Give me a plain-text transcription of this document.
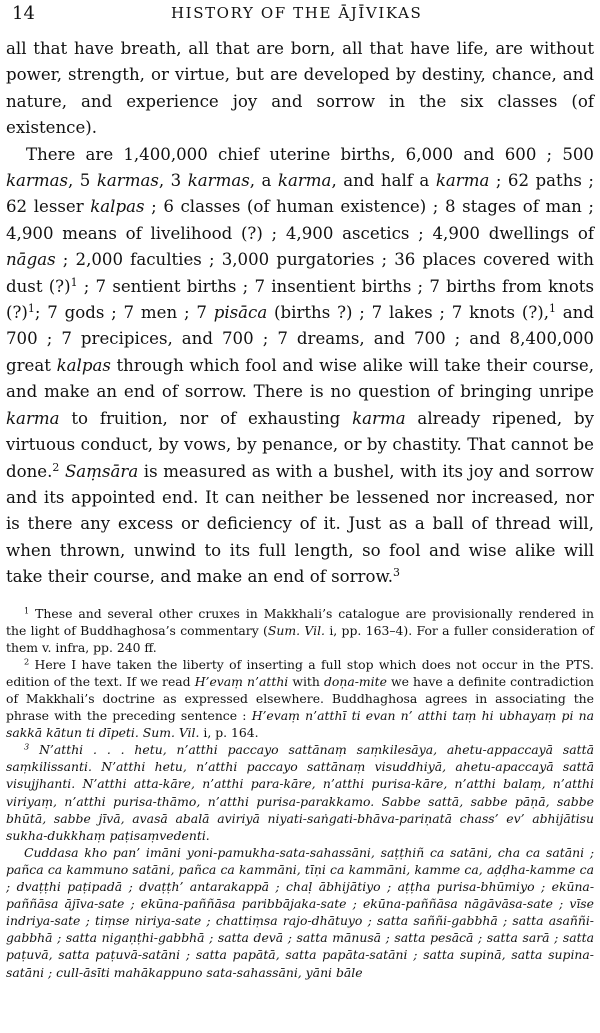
14	HISTORY OF THE ĀJĪVIKAS

all that have breath, all that are born, all that have life, are without power, strength, or virtue, but are developed by destiny, chance, and nature, and experience joy and sorrow in the six classes (of existence).

There are 1,400,000 chief uterine births, 6,000 and 600 ; 500 karmas, 5 karmas, 3 karmas, a karma, and half a karma ; 62 paths ; 62 lesser kalpas ; 6 classes (of human existence) ; 8 stages of man ; 4,900 means of livelihood (?) ; 4,900 ascetics ; 4,900 dwellings of nāgas ; 2,000 faculties ; 3,000 purgatories ; 36 places covered with dust (?)$^1$ ; 7 sentient births ; 7 insentient births ; 7 births from knots (?)$^1$; 7 gods ; 7 men ; 7 pisāca (births ?) ; 7 lakes ; 7 knots (?),$^1$ and 700 ; 7 precipices, and 700 ; 7 dreams, and 700 ; and 8,400,000 great kalpas through which fool and wise alike will take their course, and make an end of sorrow. There is no question of bringing unripe karma to fruition, nor of exhausting karma already ripened, by virtuous conduct, by vows, by penance, or by chastity. That cannot be done.$^2$ Saṃsāra is measured as with a bushel, with its joy and sorrow and its appointed end. It can neither be lessened nor increased, nor is there any excess or deficiency of it. Just as a ball of thread will, when thrown, unwind to its full length, so fool and wise alike will take their course, and make an end of sorrow.$^3$

$^1$ These and several other cruxes in Makkhali’s catalogue are provisionally rendered in the light of Buddhaghosa’s commentary (Sum. Vil. i, pp. 163–4). For a fuller consideration of them v. infra, pp. 240 ff.

$^2$ Here I have taken the liberty of inserting a full stop which does not occur in the PTS. edition of the text. If we read H’evaṃ n’atthi with doṇa-mite we have a definite contradiction of Makkhali’s doctrine as expressed elsewhere. Buddhaghosa agrees in associating the phrase with the preceding sentence : H’evaṃ n’atthī ti evan n’ atthi taṃ hi ubhayaṃ pi na sakkā kātun ti dīpeti. Sum. Vil. i, p. 164.

$^3$ N’atthi . . . hetu, n’atthi paccayo sattānaṃ saṃkilesāya, ahetu-appaccayā sattā saṃkilissanti. N’atthi hetu, n’atthi paccayo sattānaṃ visuddhiyā, ahetu-apaccayā sattā visujjhanti. N’atthi atta-kāre, n’atthi para-kāre, n’atthi purisa-kāre, n’atthi balaṃ, n’atthi viriyaṃ, n’atthi purisa-thāmo, n’atthi purisa-parakkamo. Sabbe sattā, sabbe pāṇā, sabbe bhūtā, sabbe jīvā, avasā abalā aviriyā niyati-saṅgati-bhāva-pariṇatā chass’ ev’ abhijātisu sukha-dukkhaṃ paṭisaṃvedenti.

Cuddasa kho pan’ imāni yoni-pamukha-sata-sahassāni, saṭṭhiñ ca satāni, cha ca satāni ; pañca ca kammuno satāni, pañca ca kammāni, tīṇi ca kammāni, kamme ca, aḍḍha-kamme ca ; dvaṭṭhi paṭipadā ; dvaṭṭh’ antarakappā ; chaḷ ābhijātiyo ; aṭṭha purisa-bhūmiyo ; ekūna-paññāsa ājīva-sate ; ekūna-paññāsa paribbājaka-sate ; ekūna-paññāsa nāgāvāsa-sate ; vīse indriya-sate ; tiṃse niriya-sate ; chattiṃsa rajo-dhātuyo ; satta saññi-gabbhā ; satta asaññi-gabbhā ; satta nigaṇṭhi-gabbhā ; satta devā ; satta mānusā ; satta pesācā ; satta sarā ; satta paṭuvā, satta paṭuvā-satāni ; satta papātā, satta papāta-satāni ; satta supinā, satta supina-satāni ; cull-āsīti mahākappuno sata-sahassāni, yāni bāle
